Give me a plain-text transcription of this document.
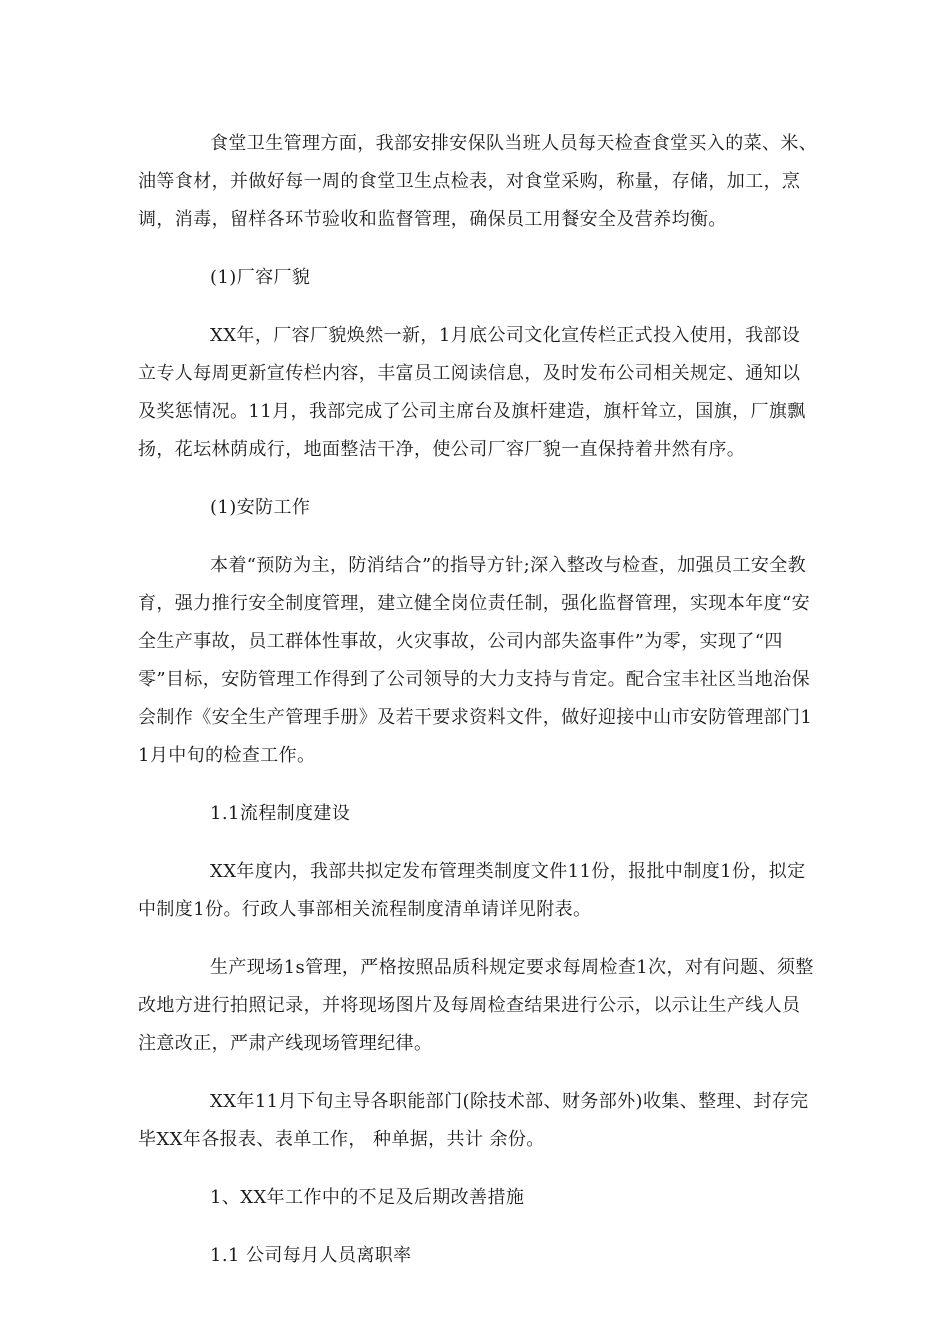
食堂卫生管理方面，我部安排安保队当班人员每天检查食堂买入的菜、米、油等食材，并做好每一周的食堂卫生点检表，对食堂采购，称量，存储，加工，烹调，消毒，留样各环节验收和监督管理，确保员工用餐安全及营养均衡。

(1)厂容厂貌

XX年，厂容厂貌焕然一新，1月底公司文化宣传栏正式投入使用，我部设立专人每周更新宣传栏内容，丰富员工阅读信息，及时发布公司相关规定、通知以及奖惩情况。11月，我部完成了公司主席台及旗杆建造，旗杆耸立，国旗，厂旗飘扬，花坛林荫成行，地面整洁干净，使公司厂容厂貌一直保持着井然有序。

(1)安防工作

本着“预防为主，防消结合”的指导方针;深入整改与检查，加强员工安全教育，强力推行安全制度管理，建立健全岗位责任制，强化监督管理，实现本年度“安全生产事故，员工群体性事故，火灾事故，公司内部失盗事件”为零，实现了“四零”目标，安防管理工作得到了公司领导的大力支持与肯定。配合宝丰社区当地治保会制作《安全生产管理手册》及若干要求资料文件，做好迎接中山市安防管理部门11月中旬的检查工作。

1.1流程制度建设

XX年度内，我部共拟定发布管理类制度文件11份，报批中制度1份，拟定中制度1份。行政人事部相关流程制度清单请详见附表。

生产现场1s管理，严格按照品质科规定要求每周检查1次，对有问题、须整改地方进行拍照记录，并将现场图片及每周检查结果进行公示，以示让生产线人员注意改正，严肃产线现场管理纪律。

XX年11月下旬主导各职能部门(除技术部、财务部外)收集、整理、封存完毕XX年各报表、表单工作， 种单据，共计 余份。

1、XX年工作中的不足及后期改善措施

1.1 公司每月人员离职率
